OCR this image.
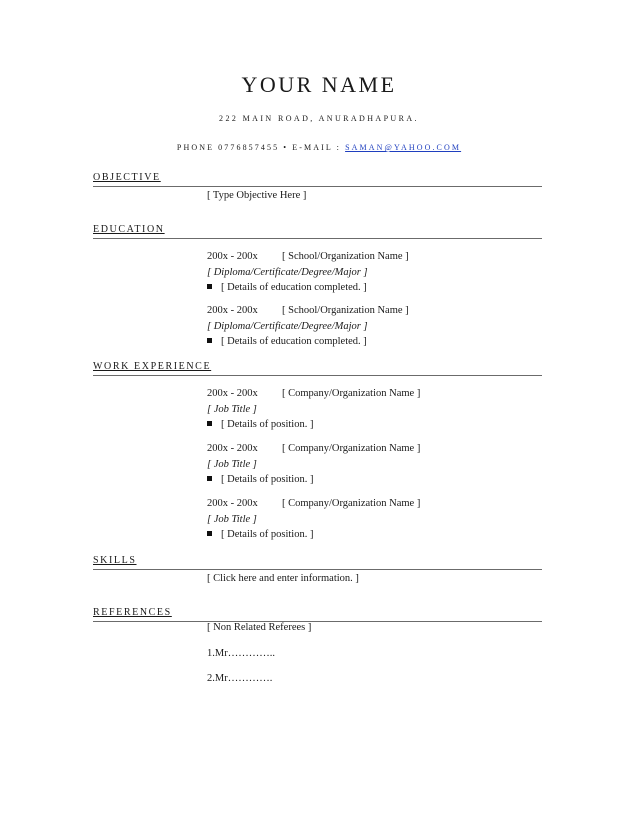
YOUR NAME
222 MAIN ROAD, ANURADHAPURA.
PHONE 0776857455 • E-MAIL : SAMAN@YAHOO.COM
OBJECTIVE
[ Type Objective Here ]
EDUCATION
200x - 200x [ School/Organization Name ]
[ Diploma/Certificate/Degree/Major ]
[ Details of education completed. ]
200x - 200x [ School/Organization Name ]
[ Diploma/Certificate/Degree/Major ]
[ Details of education completed. ]
WORK EXPERIENCE
200x - 200x [ Company/Organization Name ]
[ Job Title ]
[ Details of position. ]
200x - 200x [ Company/Organization Name ]
[ Job Title ]
[ Details of position. ]
200x - 200x [ Company/Organization Name ]
[ Job Title ]
[ Details of position. ]
SKILLS
[ Click here and enter information. ]
REFERENCES
[ Non Related Referees ]
1.Mr…………..
2.Mr………….
